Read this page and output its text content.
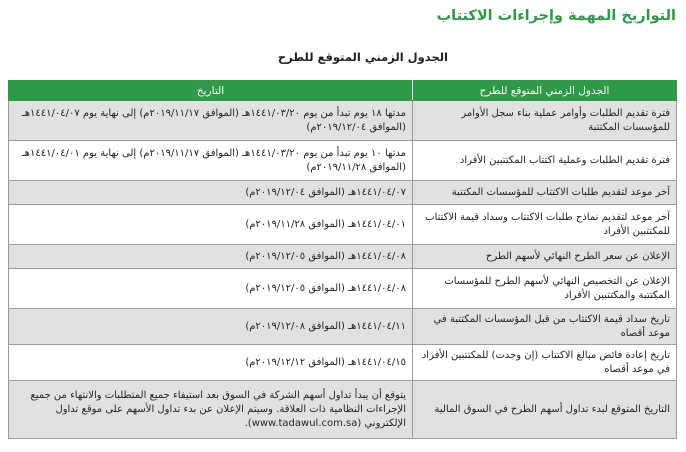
التواريخ المهمة وإجراءات الاكتتاب
الجدول الزمني المتوقع للطرح
الجدول الزمني المتوقع للطرح	التاريخ
فترة تقديم الطلبات وأوامر عملية بناء سجل الأوامر للمؤسسات المكتتبة	مدتها ١٨ يوم تبدأ من يوم ١٤٤١/٠٣/٢٠هـ (الموافق ٢٠١٩/١١/١٧م) إلى نهاية يوم ١٤٤١/٠٤/٠٧هـ (الموافق ٢٠١٩/١٢/٠٤م)
فترة تقديم الطلبات وعملية اكتتاب المكتتبين الأفراد	مدتها ١٠ يوم تبدأ من يوم ١٤٤١/٠٣/٢٠هـ (الموافق ٢٠١٩/١١/١٧م) إلى نهاية يوم ١٤٤١/٠٤/٠١هـ (الموافق ٢٠١٩/١١/٢٨م)
آخر موعد لتقديم طلبات الاكتتاب للمؤسسات المكتتبة	١٤٤١/٠٤/٠٧هـ (الموافق ٢٠١٩/١٢/٠٤م)
آخر موعد لتقديم نماذج طلبات الاكتتاب وسداد قيمة الاكتتاب للمكتتبين الأفراد	١٤٤١/٠٤/٠١هـ (الموافق ٢٠١٩/١١/٢٨م)
الإعلان عن سعر الطرح النهائي لأسهم الطرح	١٤٤١/٠٤/٠٨هـ (الموافق ٢٠١٩/١٢/٠٥م)
الإعلان عن التخصيص النهائي لأسهم الطرح للمؤسسات المكتتبة والمكتتبين الأفراد	١٤٤١/٠٤/٠٨هـ (الموافق ٢٠١٩/١٢/٠٥م)
تاريخ سداد قيمة الاكتتاب من قبل المؤسسات المكتتبة في موعد أقصاه	١٤٤١/٠٤/١١هـ (الموافق ٢٠١٩/١٢/٠٨م)
تاريخ إعادة فائض مبالغ الاكتتاب (إن وجدت) للمكتتبين الأفراد في موعد أقصاه	١٤٤١/٠٤/١٥هـ (الموافق ٢٠١٩/١٢/١٢م)
التاريخ المتوقع لبدء تداول أسهم الطرح في السوق المالية	يتوقع أن يبدأ تداول أسهم الشركة في السوق بعد استيفاء جميع المتطلبات والانتهاء من جميع الإجراءات النظامية ذات العلاقة. وسيتم الإعلان عن بدء تداول الأسهم على موقع تداول الإلكتروني (www.tadawul.com.sa).
